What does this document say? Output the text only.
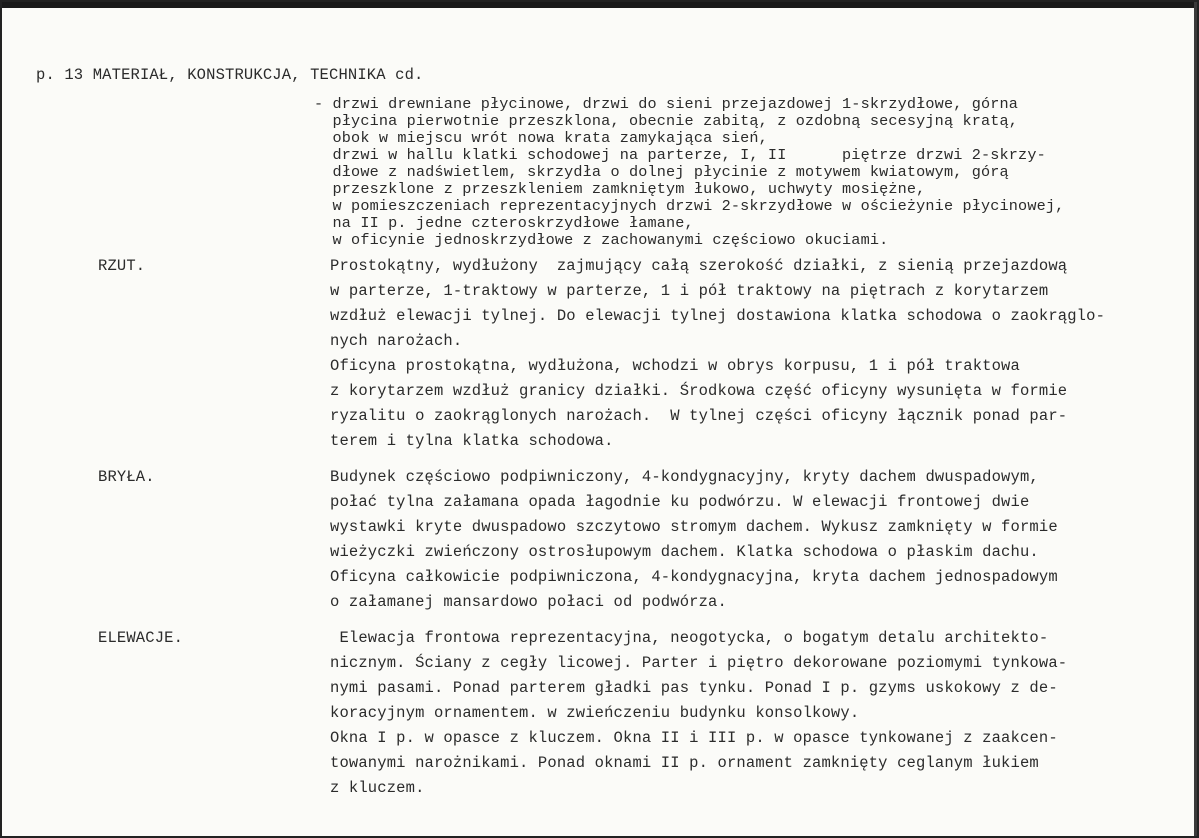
p. 13 MATERIAŁ, KONSTRUKCJA, TECHNIKA cd.
- drzwi drewniane płycinowe, drzwi do sieni przejazdowej 1-skrzydłowe, górna
płycina pierwotnie przeszklona, obecnie zabitą, z ozdobną secesyjną kratą,
obok w miejscu wrót nowa krata zamykająca sień,
drzwi w hallu klatki schodowej na parterze, I, II      piętrze drzwi 2-skrzy-
dłowe z nadświetlem, skrzydła o dolnej płycinie z motywem kwiatowym, górą
przeszklone z przeszkleniem zamkniętym łukowo, uchwyty mosiężne,
w pomieszczeniach reprezentacyjnych drzwi 2-skrzydłowe w ościeżynie płycinowej,
na II p. jedne czteroskrzydłowe łamane,
w oficynie jednoskrzydłowe z zachowanymi częściowo okuciami.
RZUT.	Prostokątny, wydłużony  zajmujący całą szerokość działki, z sienią przejazdową
w parterze, 1-traktowy w parterze, 1 i pół traktowy na piętrach z korytarzem
wzdłuż elewacji tylnej. Do elewacji tylnej dostawiona klatka schodowa o zaokrąglo-
nych narożach.
Oficyna prostokątna, wydłużona, wchodzi w obrys korpusu, 1 i pół traktowa
z korytarzem wzdłuż granicy działki. Środkowa część oficyny wysunięta w formie
ryzalitu o zaokrąglonych narożach.  W tylnej części oficyny łącznik ponad par-
terem i tylna klatka schodowa.
BRYŁA.	Budynek częściowo podpiwniczony, 4-kondygnacyjny, kryty dachem dwuspadowym,
połać tylna załamana opada łagodnie ku podwórzu. W elewacji frontowej dwie
wystawki kryte dwuspadowo szczytowo stromym dachem. Wykusz zamknięty w formie
wieżyczki zwieńczony ostrosłupowym dachem. Klatka schodowa o płaskim dachu.
Oficyna całkowicie podpiwniczona, 4-kondygnacyjna, kryta dachem jednospadowym
o załamanej mansardowo połaci od podwórza.
ELEWACJE.	Elewacja frontowa reprezentacyjna, neogotycka, o bogatym detalu architekto-
nicznym. Ściany z cegły licowej. Parter i piętro dekorowane poziomymi tynkowa-
nymi pasami. Ponad parterem gładki pas tynku. Ponad I p. gzyms uskokowy z de-
koracyjnym ornamentem. w zwieńczeniu budynku konsolkowy.
Okna I p. w opasce z kluczem. Okna II i III p. w opasce tynkowanej z zaakcen-
towanymi narożnikami. Ponad oknami II p. ornament zamknięty ceglanym łukiem
z kluczem.
